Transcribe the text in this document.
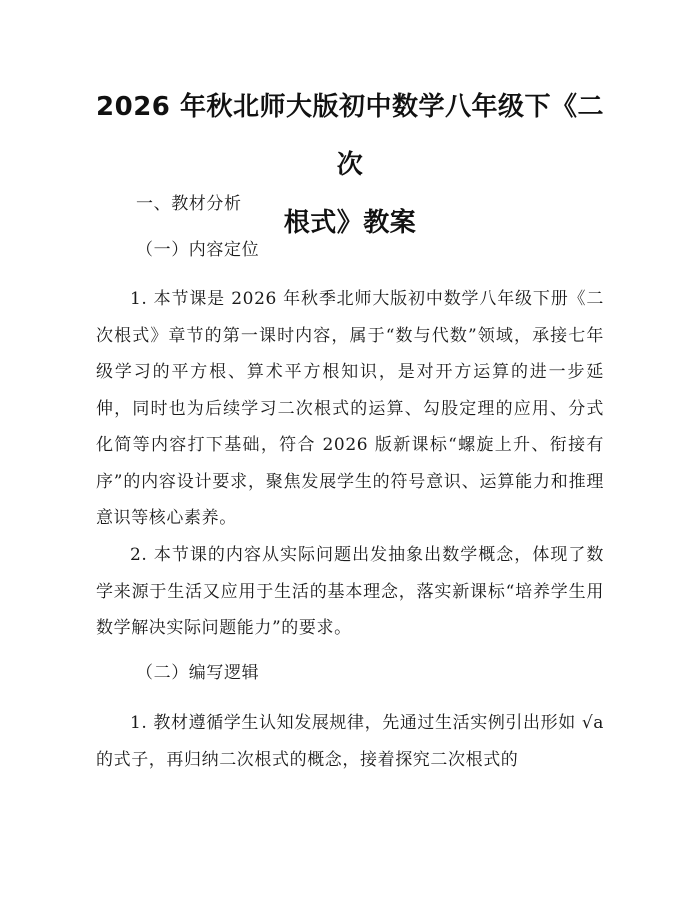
2026 年秋北师大版初中数学八年级下《二次
根式》教案
一、教材分析
（一）内容定位

1. 本节课是 2026 年秋季北师大版初中数学八年级下册《二次根式》章节的第一课时内容，属于“数与代数”领域，承接七年级学习的平方根、算术平方根知识，是对开方运算的进一步延伸，同时也为后续学习二次根式的运算、勾股定理的应用、分式化简等内容打下基础，符合 2026 版新课标“螺旋上升、衔接有序”的内容设计要求，聚焦发展学生的符号意识、运算能力和推理意识等核心素养。

2. 本节课的内容从实际问题出发抽象出数学概念，体现了数学来源于生活又应用于生活的基本理念，落实新课标“培养学生用数学解决实际问题能力”的要求。

（二）编写逻辑

1. 教材遵循学生认知发展规律，先通过生活实例引出形如 √a 的式子，再归纳二次根式的概念，接着探究二次根式的
